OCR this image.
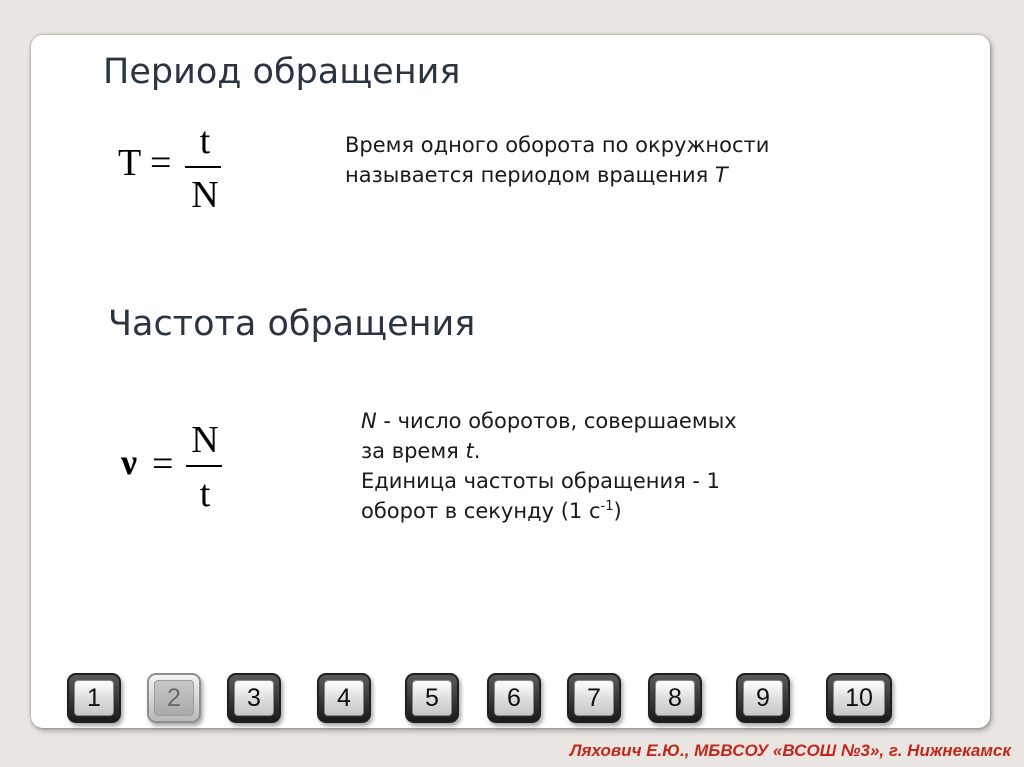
Период обращения
T =
t
N

Время одного оборота по окружности

называется периодом вращения T

Частота обращения
ν =
N
t

N - число оборотов, совершаемых

за время t.

Единица частоты обращения - 1

оборот в секунду (1 $с^{-1}$)

1	2	3	4	5	6	7	8	9	10
Ляхович Е.Ю., МБВСОУ «ВСОШ №3», г. Нижнекамск
